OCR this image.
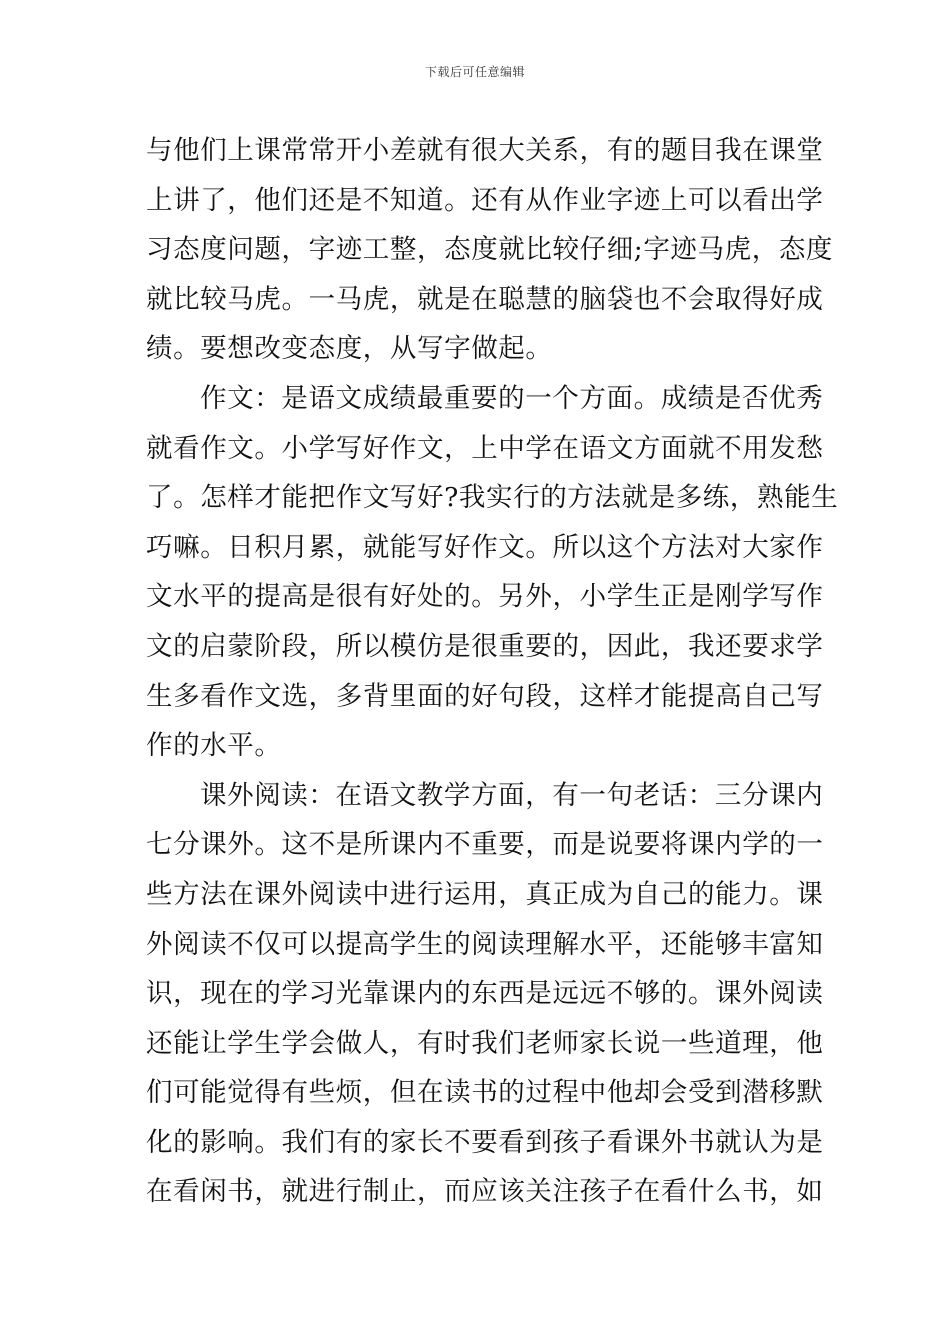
下载后可任意编辑
与他们上课常常开小差就有很大关系，有的题目我在课堂
上讲了，他们还是不知道。还有从作业字迹上可以看出学
习态度问题，字迹工整，态度就比较仔细;字迹马虎，态度
就比较马虎。一马虎，就是在聪慧的脑袋也不会取得好成
绩。要想改变态度，从写字做起。
作文：是语文成绩最重要的一个方面。成绩是否优秀
就看作文。小学写好作文，上中学在语文方面就不用发愁
了。怎样才能把作文写好?我实行的方法就是多练，熟能生
巧嘛。日积月累，就能写好作文。所以这个方法对大家作
文水平的提高是很有好处的。另外，小学生正是刚学写作
文的启蒙阶段，所以模仿是很重要的，因此，我还要求学
生多看作文选，多背里面的好句段，这样才能提高自己写
作的水平。
课外阅读：在语文教学方面，有一句老话：三分课内
七分课外。这不是所课内不重要，而是说要将课内学的一
些方法在课外阅读中进行运用，真正成为自己的能力。课
外阅读不仅可以提高学生的阅读理解水平，还能够丰富知
识，现在的学习光靠课内的东西是远远不够的。课外阅读
还能让学生学会做人，有时我们老师家长说一些道理，他
们可能觉得有些烦，但在读书的过程中他却会受到潜移默
化的影响。我们有的家长不要看到孩子看课外书就认为是
在看闲书，就进行制止，而应该关注孩子在看什么书，如
